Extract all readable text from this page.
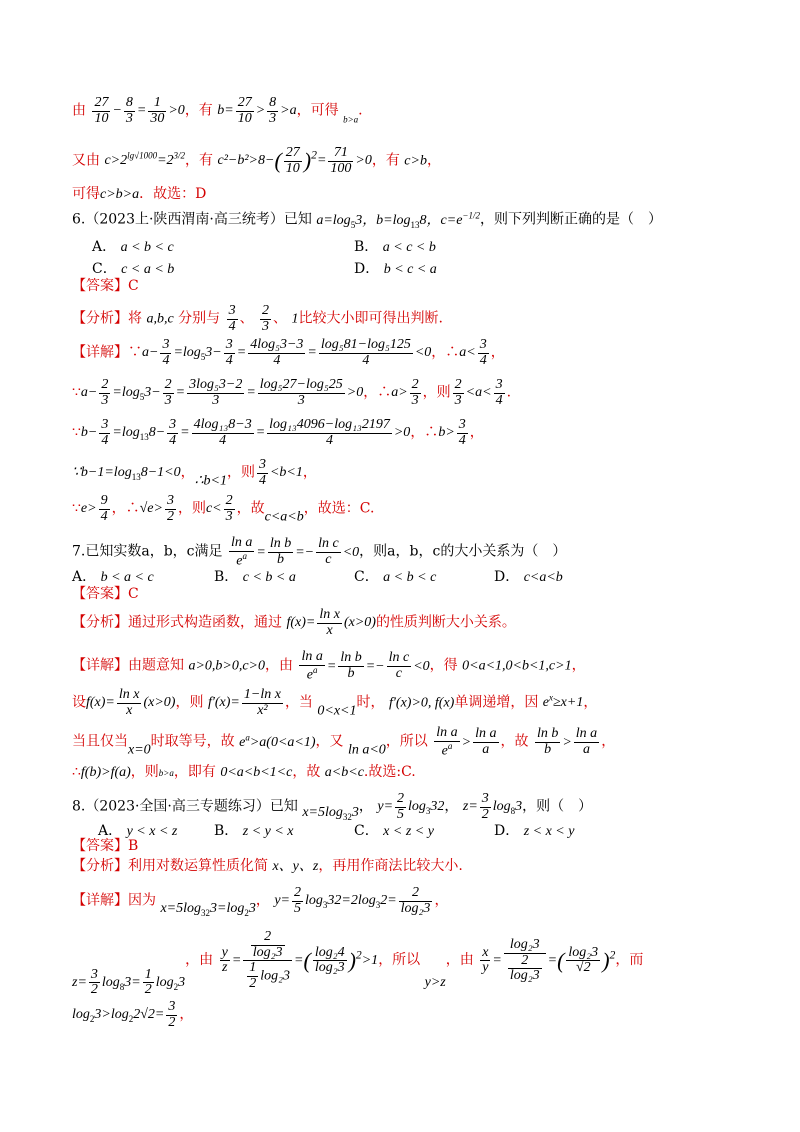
由 $\frac{27}{10} - \frac{8}{3} = \frac{1}{30} >0$，有 $b= \frac{27}{10} > \frac{8}{3} >a$，可得 $_{b>a}$.
又由 $c>2^{lg√1000}=2^{3/2}$，有 $c^2-b^2>8-( \frac{27}{10} )^2= \frac{71}{100} >0$，有 c>b，
可得c>b>a．故选：D
6.（2023上·陕西渭南·高三统考）已知 $a=\log_53$，$b=\log_{13}8$，$c=e^{-1/2}$，则下列判断正确的是（　）
A． a < b < c	B． a < c < b
C． c < a < b	D． b < c < a
【答案】C
【分析】将 a,b,c 分别与 $\frac{3}{4}$ 、 $\frac{2}{3}$ 、 1比较大小即可得出判断.
【详解】∵a− $\frac{3}{4} =\log_53- \frac{3}{4} = \frac{\text{4log₅3−3}}{4} = \frac{\text{log₅81−log₅125}}{4} <0$，∴a< $\frac{3}{4}$ ，
∵a− $\frac{2}{3} =\log_53- \frac{2}{3} = \frac{\text{3log₅3−2}}{3} = \frac{\text{log₅27−log₅25}}{3} >0$，∴a> $\frac{2}{3}$ ，则 $\frac{2}{3} <a< \frac{3}{4}$ .
∵b− $\frac{3}{4} =\log_{13}8- \frac{3}{4} = \frac{\text{4log₁₃8−3}}{4} = \frac{\text{log₁₃4096−log₁₃2197}}{4} >0$，∴b> $\frac{3}{4}$ ，
$\because b-1=\log_{13}8-1<0$，∴b<1，则 $\frac{3}{4} <b<1$，
∵e> $\frac{9}{4}$ ，∴√e> $\frac{3}{2}$ ，则$c< \frac{2}{3}$ ，故c<a<b，故选：C.
7.已知实数a，b，c满足 $\frac{\text{ln a}}{e^a} = \frac{\text{ln b}}{b} =- \frac{\text{ln c}}{c} <0$，则a，b，c的大小关系为（　）
A． b < a < c	B． c < b < a	C． a < b < c	D． c<a<b
【答案】C
【分析】通过形式构造函数，通过 $f(x)= \frac{\text{ln x}}{x} (x>0)$的性质判断大小关系。
【详解】由题意知 a>0,b>0,c>0，由 $\frac{\text{ln a}}{e^a} = \frac{\text{ln b}}{b} =- \frac{\text{ln c}}{c} <0$，得 0<a<1,0<b<1,c>1，
设$f(x)= \frac{\text{ln x}}{x} (x>0)$，则 $f'(x)= \frac{\text{1−ln x}}{\text{x²}}$ ，当 0<x<1时， f′(x)>0, f(x)单调递增，因 $e^x\ge x+1$，
当且仅当x=0时取等号，故 $e^a>a(0<a<1)$，又 ln a<0，所以 $\frac{\text{ln a}}{e^a} > \frac{\text{ln a}}{a}$ ，故 $\frac{\text{ln b}}{b} > \frac{\text{ln a}}{a}$ ，
∴f(b)>f(a)，则b>a，即有 0<a<b<1<c，故 a<b<c.故选:C.
8.（2023·全国·高三专题练习）已知 $x=5\log_{32}3$， $y= \frac{2}{5} \log_332$， $z= \frac{3}{2} \log_83$，则（　）
A． y < x < z	B． z < y < x	C． x < z < y	D． z < x < y
【答案】B
【分析】利用对数运算性质化简 x、y、z，再用作商法比较大小.
【详解】因为 $x=5\log_{32}3=\log_23$， $y= \frac{2}{5} \log_332=2\log_32= \frac{2}{\text{log₂3}}$ ，
$z= \frac{3}{2} \log_83= \frac{1}{2} \log_23$，由 $\frac{y}{z} = \frac{\frac{2}{\text{log₂3}}}{\frac{1}{2} \log_23}$ =( $\frac{\text{log₂4}}{\text{log₂3}} )^2>1$，所以 y>z，由 $\frac{x}{y} = \frac{\text{log₂3}}{\frac{2}{\text{log₂3}}}$ =( $\frac{\text{log₂3}}{√2} )^2$，而
$\log_23>\log_22√2= \frac{3}{2}$ ，
